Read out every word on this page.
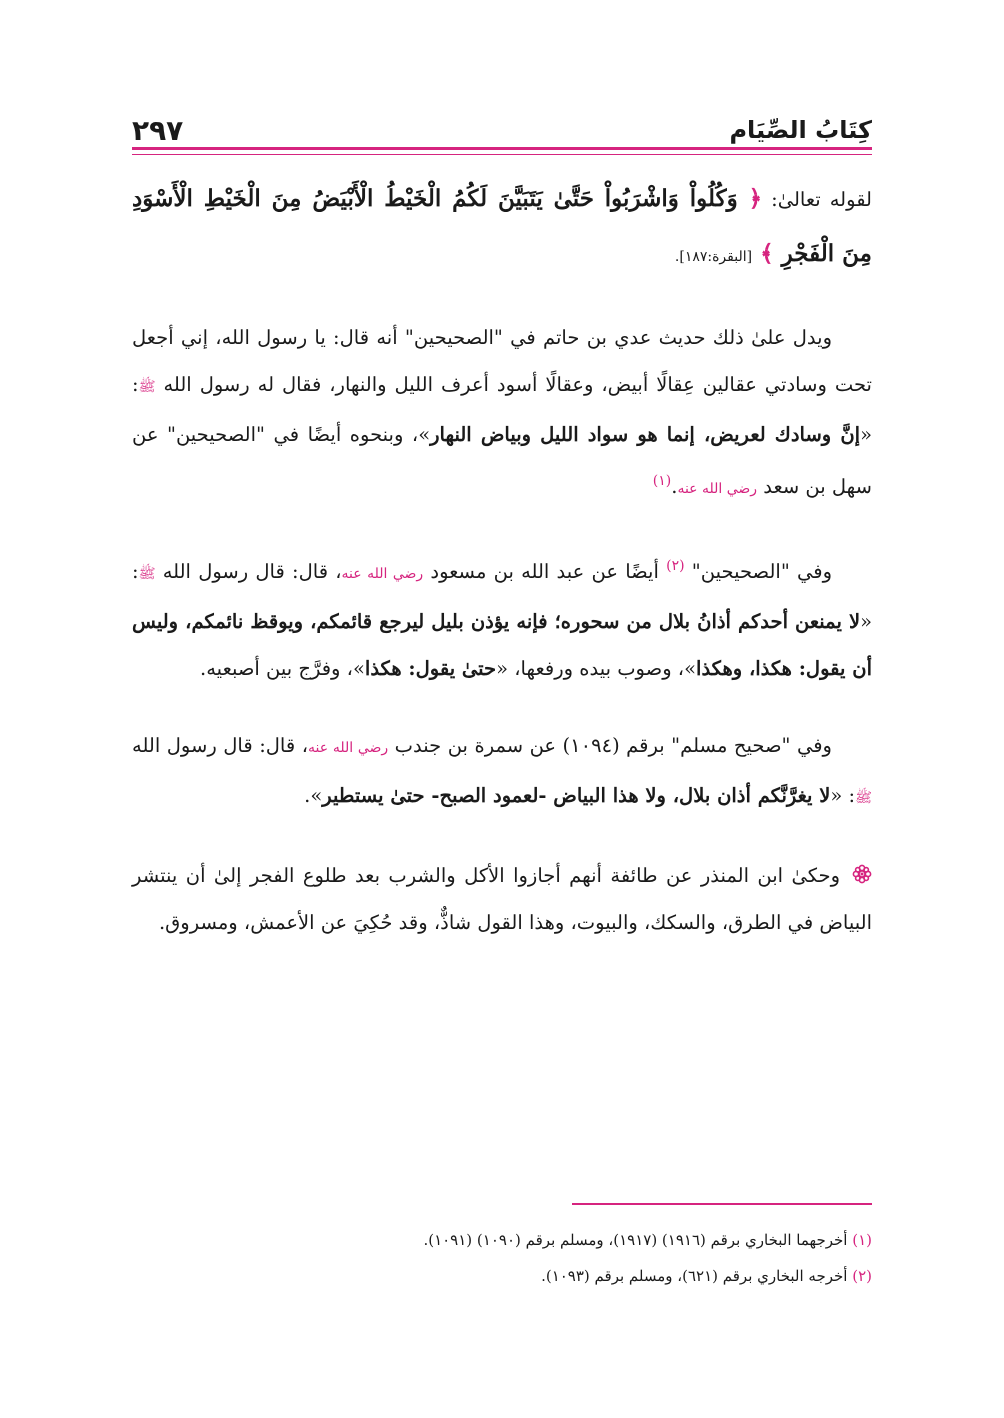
كِتَابُ الصِّيَام
٢٩٧

لقوله تعالىٰ: ﴿ وَكُلُواْ وَاشْرَبُواْ حَتَّىٰ يَتَبَيَّنَ لَكُمُ الْخَيْطُ الْأَبْيَضُ مِنَ الْخَيْطِ الْأَسْوَدِ مِنَ الْفَجْرِ ﴾ [البقرة:١٨٧].

ويدل علىٰ ذلك حديث عدي بن حاتم في "الصحيحين" أنه قال: يا رسول الله، إني أجعل تحت وسادتي عقالين عِقالًا أبيض، وعقالًا أسود أعرف الليل والنهار، فقال له رسول الله ﷺ: «إنَّ وسادك لعريض، إنما هو سواد الليل وبياض النهار»، وبنحوه أيضًا في "الصحيحين" عن سهل بن سعد رضي الله عنه.$^{(١)}$

وفي "الصحيحين" $^{(٢)}$ أيضًا عن عبد الله بن مسعود رضي الله عنه، قال: قال رسول الله ﷺ: «لا يمنعن أحدكم أذانُ بلال من سحوره؛ فإنه يؤذن بليل ليرجع قائمكم، ويوقظ نائمكم، وليس أن يقول: هكذا، وهكذا»، وصوب بيده ورفعها، «حتىٰ يقول: هكذا»، وفرَّج بين أصبعيه.

وفي "صحيح مسلم" برقم (١٠٩٤) عن سمرة بن جندب رضي الله عنه، قال: قال رسول الله ﷺ: «لا يغرَّنَّكم أذان بلال، ولا هذا البياض -لعمود الصبح- حتىٰ يستطير».

وحكىٰ ابن المنذر عن طائفة أنهم أجازوا الأكل والشرب بعد طلوع الفجر إلىٰ أن ينتشر البياض في الطرق، والسكك، والبيوت، وهذا القول شاذٌّ، وقد حُكِيَ عن الأعمش، ومسروق.

(١) أخرجهما البخاري برقم (١٩١٦) (١٩١٧)، ومسلم برقم (١٠٩٠) (١٠٩١).
(٢) أخرجه البخاري برقم (٦٢١)، ومسلم برقم (١٠٩٣).
